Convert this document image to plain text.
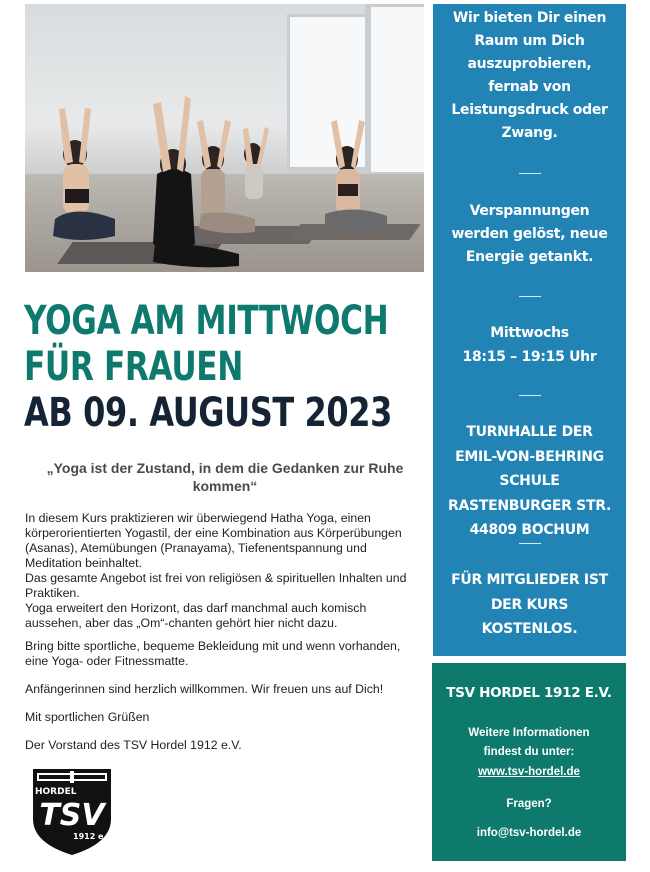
YOGA AM MITTWOCH
FÜR FRAUEN
AB 09. AUGUST 2023
„Yoga ist der Zustand, in dem die Gedanken zur Ruhe kommen“

In diesem Kurs praktizieren wir überwiegend Hatha Yoga, einen körperorientierten Yogastil, der eine Kombination aus Körperübungen (Asanas), Atemübungen (Pranayama), Tiefenentspannung und Meditation beinhaltet.

Das gesamte Angebot ist frei von religiösen & spirituellen Inhalten und Praktiken.

Yoga erweitert den Horizont, das darf manchmal auch komisch aussehen, aber das „Om“-chanten gehört hier nicht dazu.

Bring bitte sportliche, bequeme Bekleidung mit und wenn vorhanden, eine Yoga- oder Fitnessmatte.
Anfängerinnen sind herzlich willkommen. Wir freuen uns auf Dich!
Mit sportlichen Grüßen
Der Vorstand des TSV Hordel 1912 e.V.
HORDEL
TSV
1912 e.V.
Wir bieten Dir einen Raum um Dich auszuprobieren, fernab von Leistungsdruck oder Zwang.
Verspannungen werden gelöst, neue Energie getankt.
Mittwochs
18:15 – 19:15 Uhr
TURNHALLE DER EMIL-VON-BEHRING SCHULE RASTENBURGER STR. 44809 BOCHUM
FÜR MITGLIEDER IST DER KURS KOSTENLOS.
TSV HORDEL 1912 E.V.
Weitere Informationen
findest du unter:
www.tsv-hordel.de
Fragen?
info@tsv-hordel.de
